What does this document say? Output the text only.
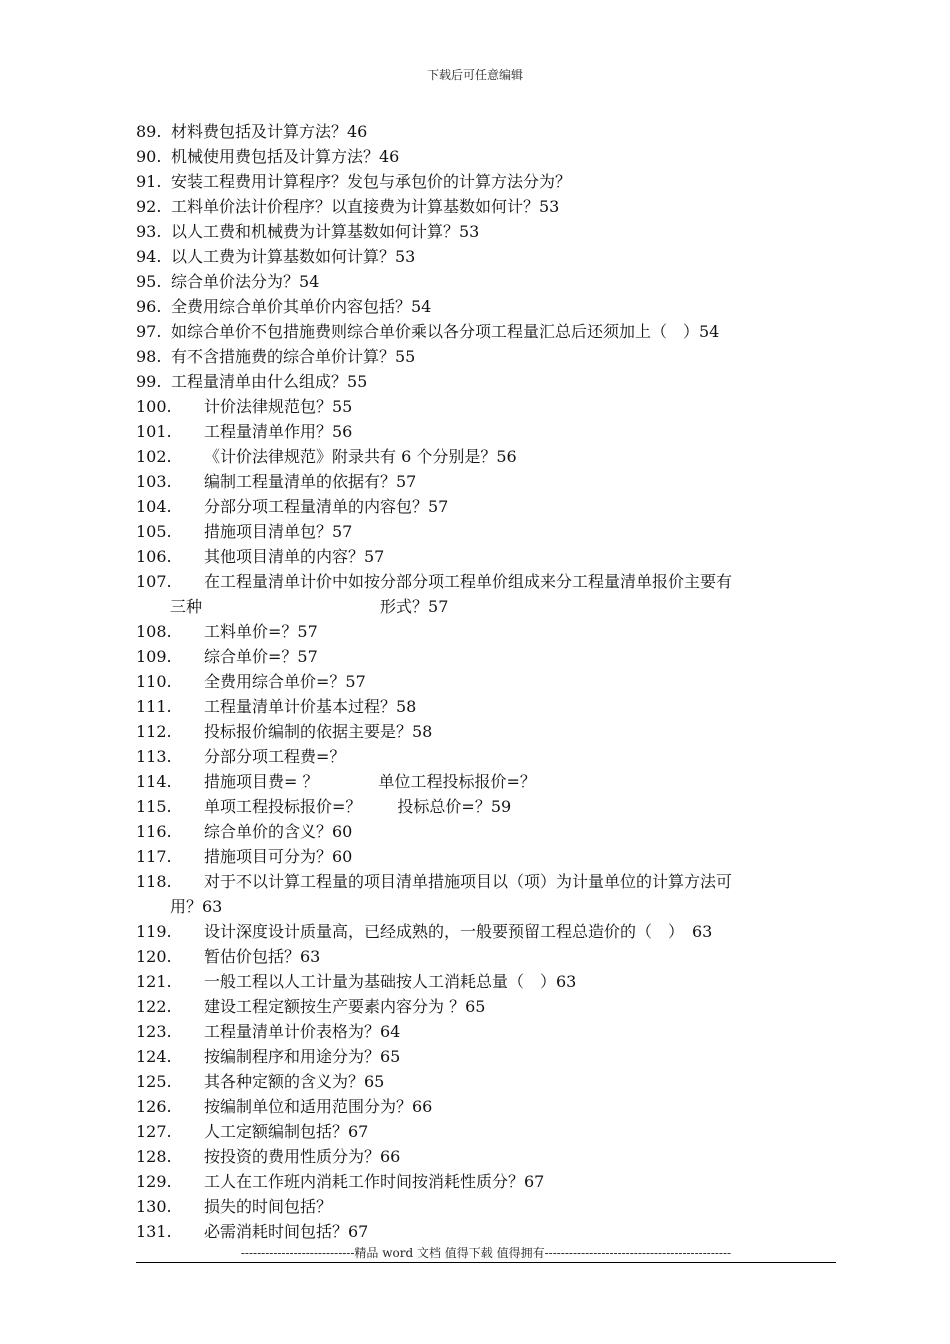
下载后可任意编辑
89. 材料费包括及计算方法？46
90. 机械使用费包括及计算方法？46
91. 安装工程费用计算程序？发包与承包价的计算方法分为？
92. 工料单价法计价程序？以直接费为计算基数如何计？53
93. 以人工费和机械费为计算基数如何计算？53
94. 以人工费为计算基数如何计算？53
95. 综合单价法分为？54
96. 全费用综合单价其单价内容包括？54
97. 如综合单价不包措施费则综合单价乘以各分项工程量汇总后还须加上（　）54
98. 有不含措施费的综合单价计算？55
99. 工程量清单由什么组成？55
100. 计价法律规范包？55
101. 工程量清单作用？56
102. 《计价法律规范》附录共有 6 个分别是？56
103. 编制工程量清单的依据有？57
104. 分部分项工程量清单的内容包？57
105. 措施项目清单包？57
106. 其他项目清单的内容？57
107. 在工程量清单计价中如按分部分项工程单价组成来分工程量清单报价主要有
三种	形式？57
108. 工料单价=？57
109. 综合单价=？57
110. 全费用综合单价=？57
111. 工程量清单计价基本过程？58
112. 投标报价编制的依据主要是？58
113. 分部分项工程费=？
114. 措施项目费= ？	单位工程投标报价=？
115. 单项工程投标报价=？ 投标总价=？59
116. 综合单价的含义？60
117. 措施项目可分为？60
118. 对于不以计算工程量的项目清单措施项目以（项）为计量单位的计算方法可
用？63
119. 设计深度设计质量高，已经成熟的，一般要预留工程总造价的（　）　63
120. 暂估价包括？63
121. 一般工程以人工计量为基础按人工消耗总量（　）63
122. 建设工程定额按生产要素内容分为 ？65
123. 工程量清单计价表格为？64
124. 按编制程序和用途分为？65
125. 其各种定额的含义为？65
126. 按编制单位和适用范围分为？66
127. 人工定额编制包括？67
128. 按投资的费用性质分为？66
129. 工人在工作班内消耗工作时间按消耗性质分？67
130. 损失的时间包括？
131. 必需消耗时间包括？67
----------------------------精品 word 文档 值得下载 值得拥有----------------------------------------------
